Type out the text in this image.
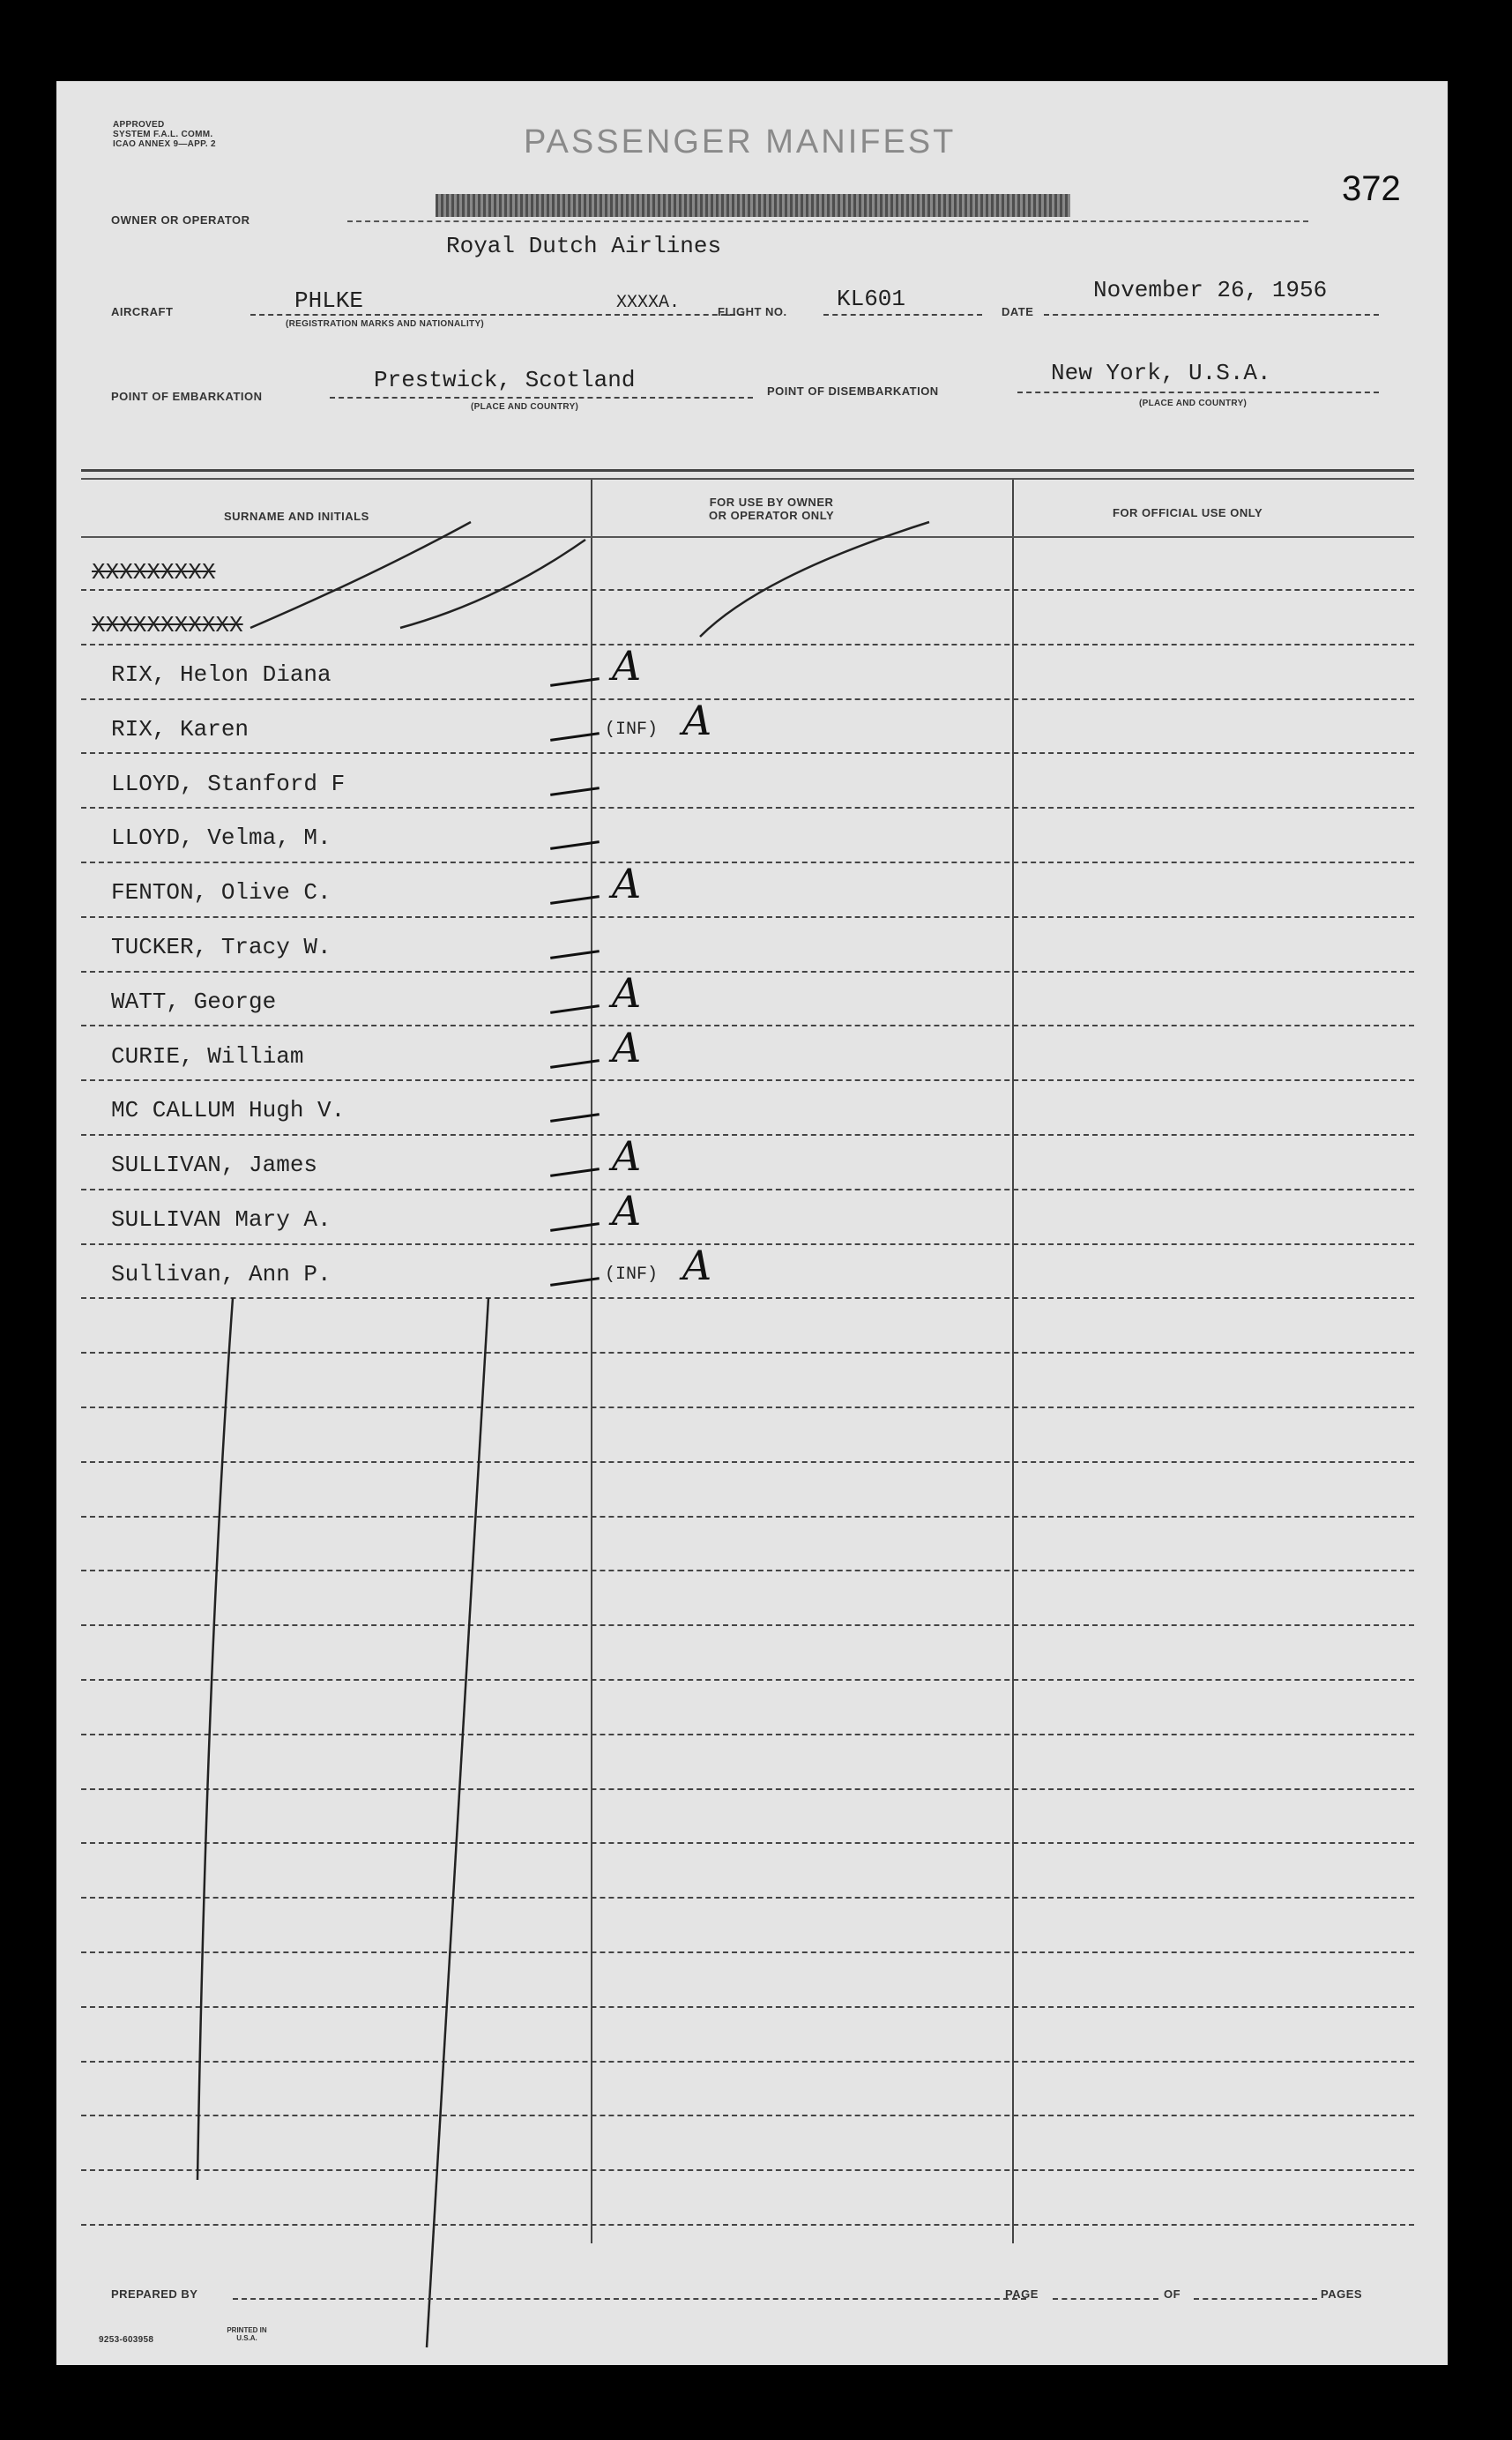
APPROVED
SYSTEM F.A.L. COMM.
ICAO ANNEX 9—APP. 2	PASSENGER MANIFEST
372
OWNER OR OPERATOR
Royal Dutch Airlines
AIRCRAFT	PHLKE	XXXXA.
(REGISTRATION MARKS AND NATIONALITY)
FLIGHT NO. KL601	DATE
November 26, 1956
POINT OF EMBARKATION
Prestwick, Scotland
(PLACE AND COUNTRY)
POINT OF DISEMBARKATION
New York, U.S.A.
(PLACE AND COUNTRY)
SURNAME AND INITIALS
FOR USE BY OWNER
OR OPERATOR ONLY	FOR OFFICIAL USE ONLY
XXXXXXXXX
XXXXXXXXXXX
RIX, Helon Diana	A
RIX, Karen	(INF) A
LLOYD, Stanford F
LLOYD, Velma, M.
FENTON, Olive C.	A
TUCKER, Tracy W.
WATT, George	A
CURIE, William	A
MC CALLUM Hugh V.
SULLIVAN, James	A
SULLIVAN Mary A.	A
Sullivan, Ann P.	(INF) A
PREPARED BY	PAGE	OF	PAGES
9253-603958
PRINTED IN U.S.A.
